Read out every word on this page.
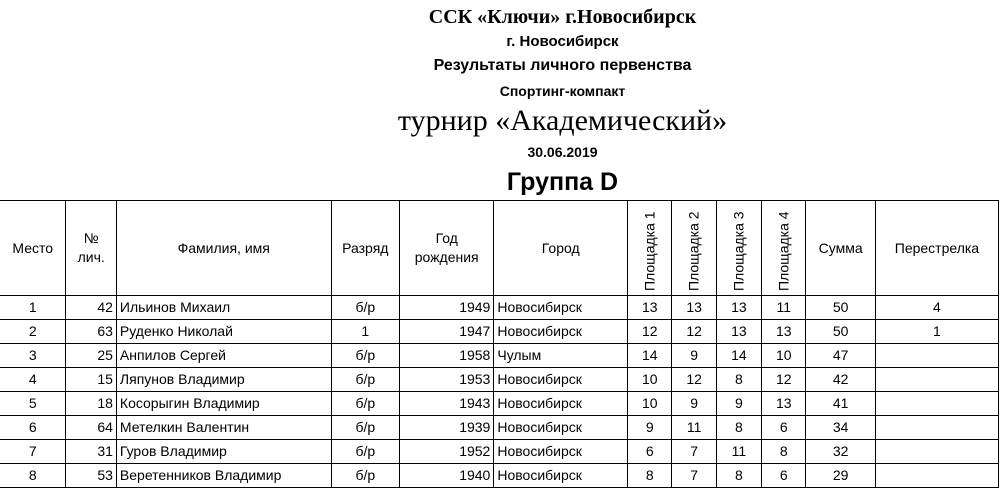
ССК «Ключи» г.Новосибирск
г. Новосибирск
Результаты личного первенства
Спортинг-компакт
турнир «Академический»
30.06.2019
Группа D
Место	№ лич.	Фамилия, имя	Разряд	Год рождения	Город	Площадка 1	Площадка 2	Площадка 3	Площадка 4	Сумма	Перестрелка
1	42	Ильинов Михаил	б/р	1949	Новосибирск	13	13	13	11	50	4
2	63	Руденко Николай	1	1947	Новосибирск	12	12	13	13	50	1
3	25	Анпилов Сергей	б/р	1958	Чулым	14	9	14	10	47	
4	15	Ляпунов Владимир	б/р	1953	Новосибирск	10	12	8	12	42	
5	18	Косорыгин Владимир	б/р	1943	Новосибирск	10	9	9	13	41	
6	64	Метелкин Валентин	б/р	1939	Новосибирск	9	11	8	6	34	
7	31	Гуров Владимир	б/р	1952	Новосибирск	6	7	11	8	32	
8	53	Веретенников Владимир	б/р	1940	Новосибирск	8	7	8	6	29	
